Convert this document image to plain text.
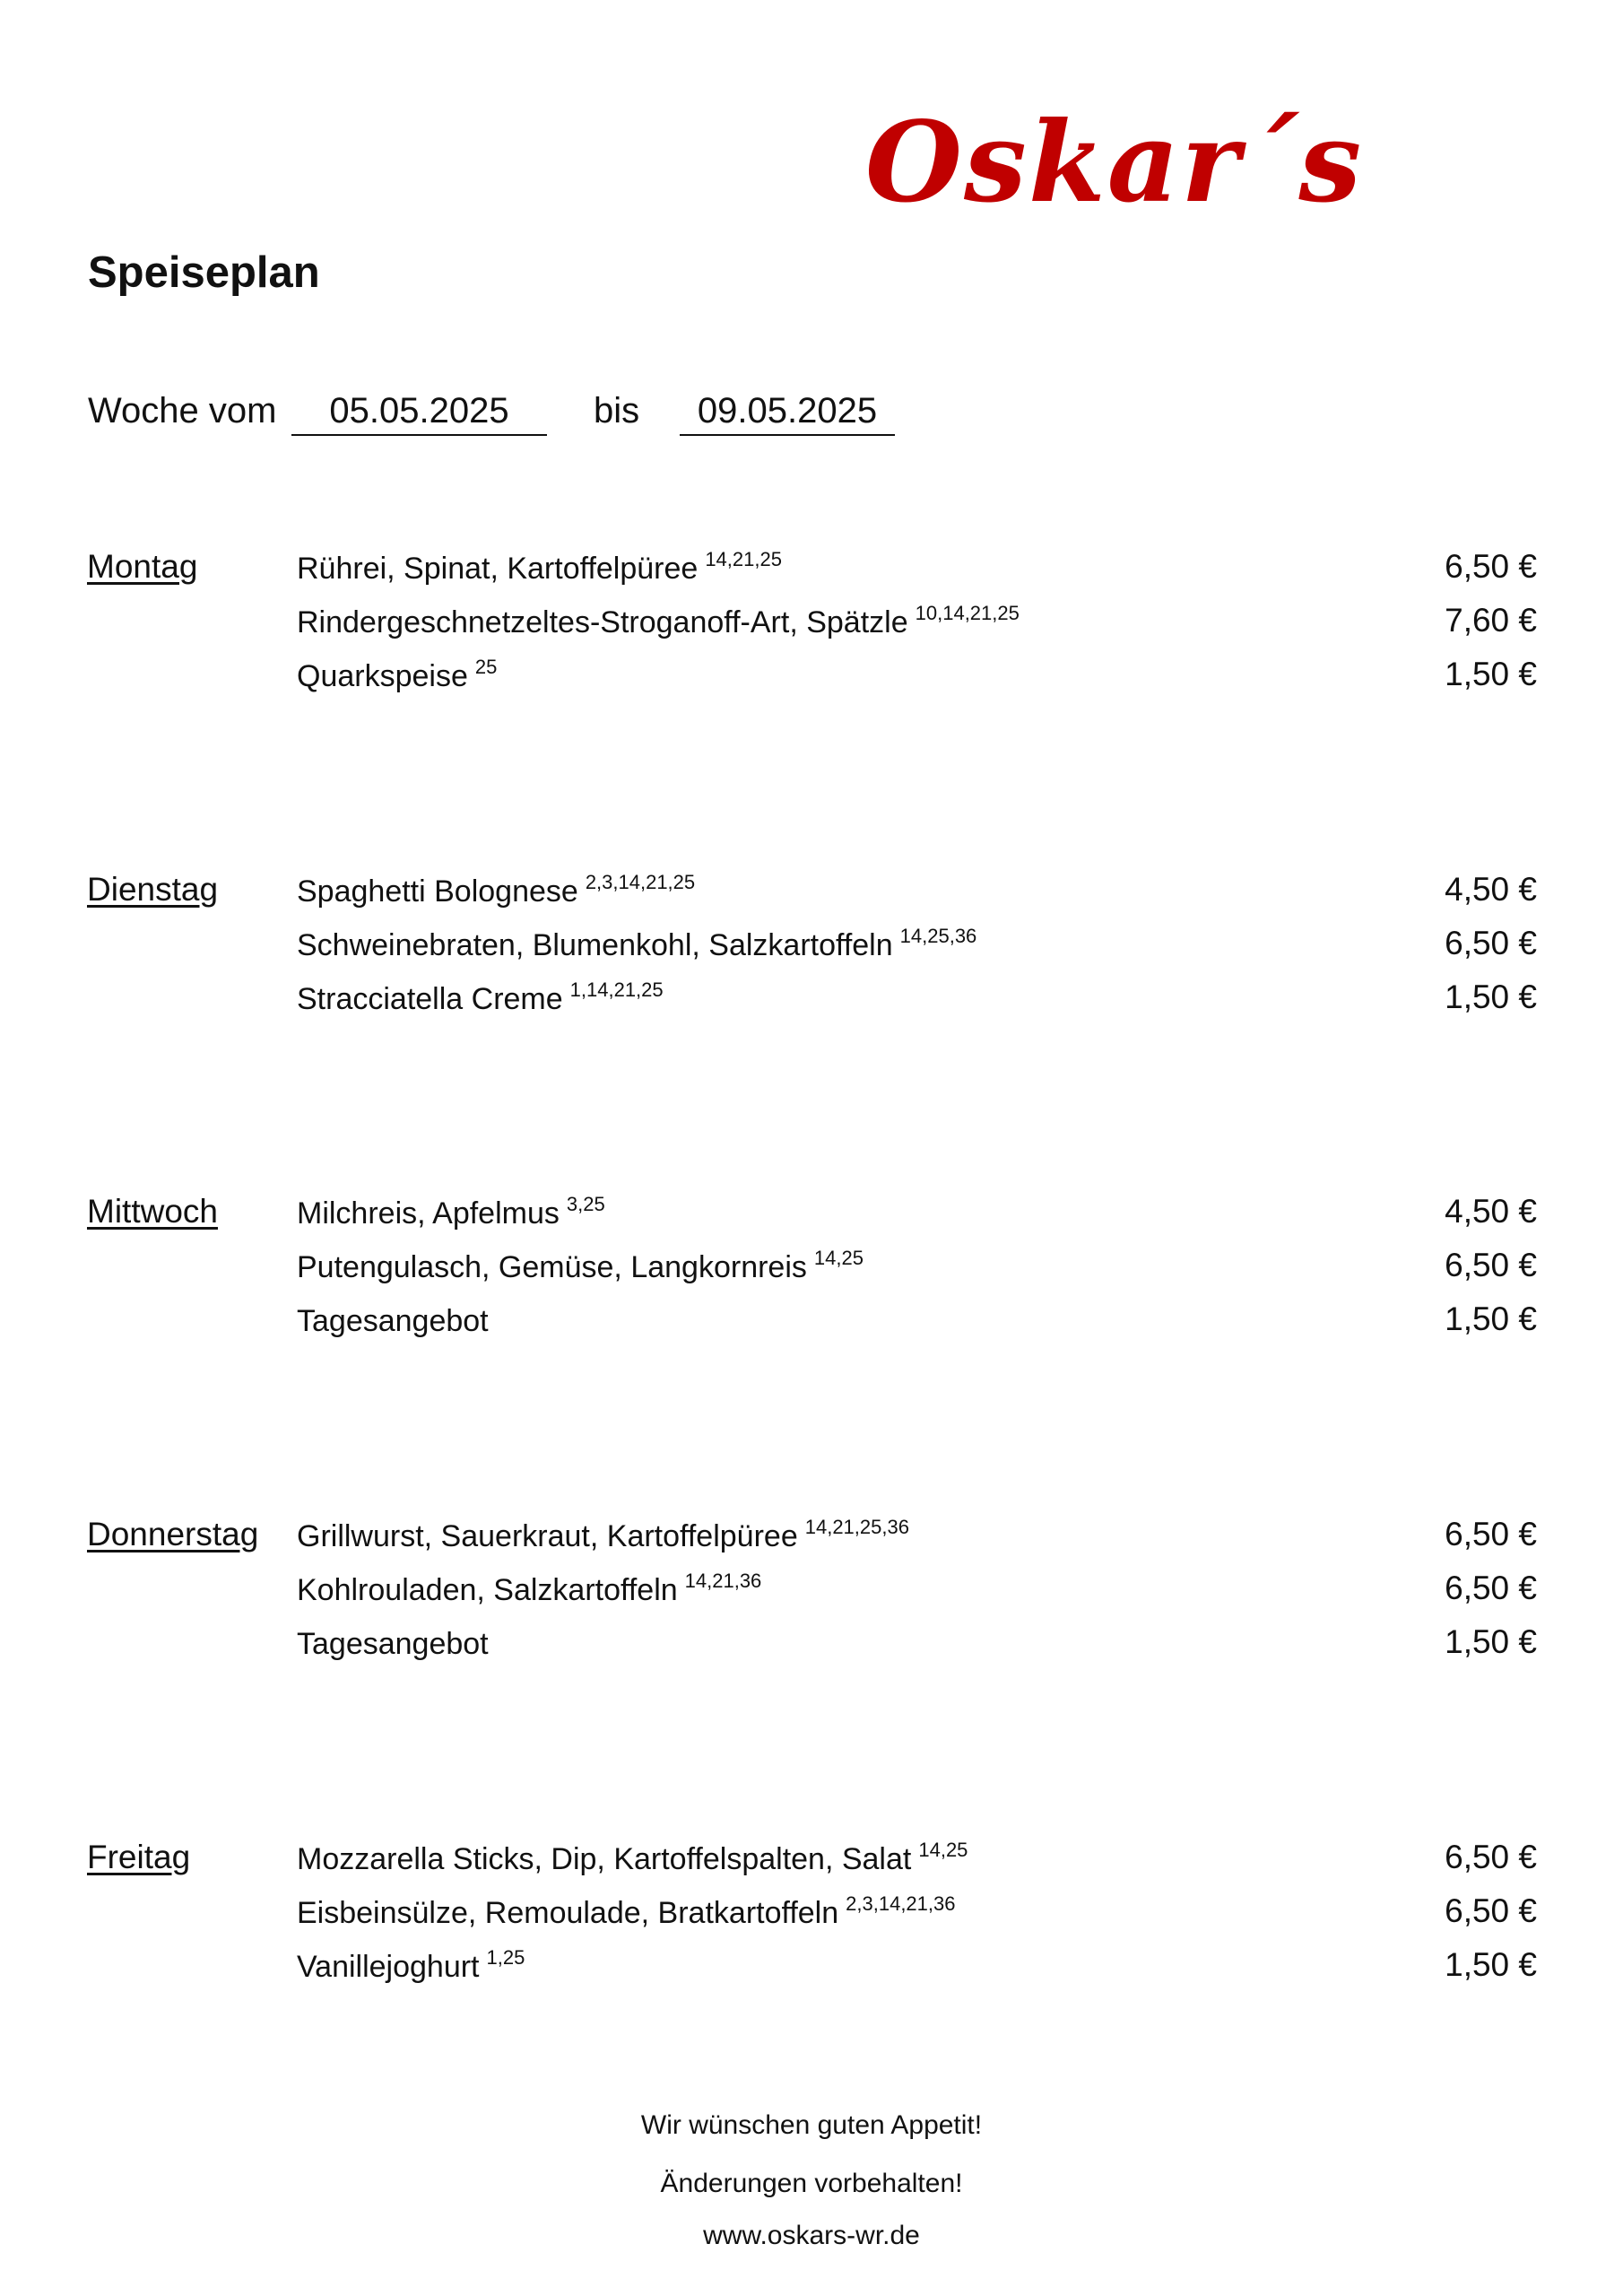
Oskar´s
Speiseplan
Woche vom	05.05.2025	bis	09.05.2025
Montag	Rührei, Spinat, Kartoffelpüree $^{14,21,25}$	6,50 €
Rindergeschnetzeltes-Stroganoff-Art, Spätzle $^{10,14,21,25}$	7,60 €
Quarkspeise $^{25}$	1,50 €
Dienstag	Spaghetti Bolognese $^{2,3,14,21,25}$	4,50 €
Schweinebraten, Blumenkohl, Salzkartoffeln $^{14,25,36}$	6,50 €
Stracciatella Creme $^{1,14,21,25}$	1,50 €
Mittwoch	Milchreis, Apfelmus $^{3,25}$	4,50 €
Putengulasch, Gemüse, Langkornreis $^{14,25}$	6,50 €
Tagesangebot	1,50 €
Donnerstag Grillwurst, Sauerkraut, Kartoffelpüree $^{14,21,25,36}$	6,50 €
Kohlrouladen, Salzkartoffeln $^{14,21,36}$	6,50 €
Tagesangebot	1,50 €
Freitag	Mozzarella Sticks, Dip, Kartoffelspalten, Salat $^{14,25}$	6,50 €
Eisbeinsülze, Remoulade, Bratkartoffeln $^{2,3,14,21,36}$	6,50 €
Vanillejoghurt $^{1,25}$	1,50 €
Wir wünschen guten Appetit!
Änderungen vorbehalten!
www.oskars-wr.de
